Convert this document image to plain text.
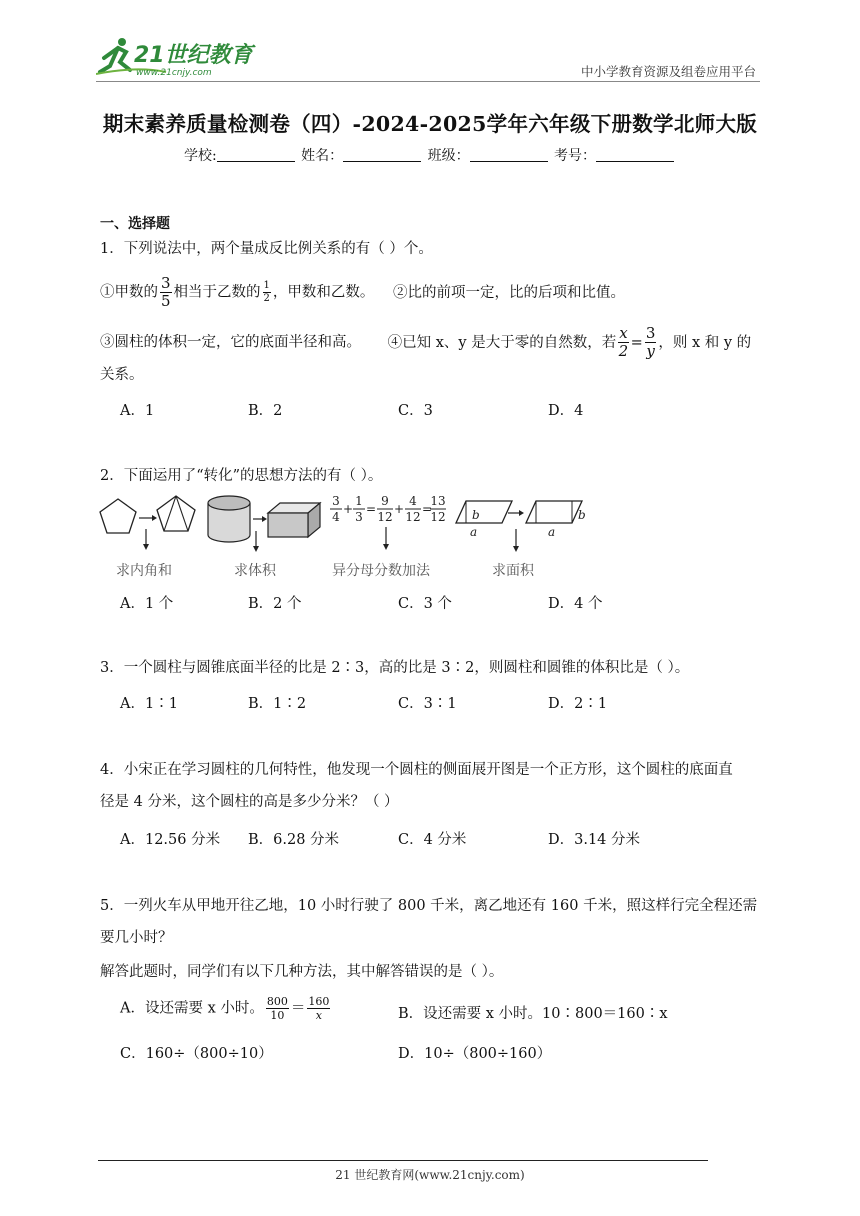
21世纪教育
www.21cnjy.com	中小学教育资源及组卷应用平台
期末素养质量检测卷（四）-2024-2025学年六年级下册数学北师大版
学校:	姓名：	班级：	考号：
一、选择题
1．下列说法中，两个量成反比例关系的有（ ）个。
①甲数的 $\frac{3}{5}$ 相当于乙数的 $\frac{1}{2}$ ，甲数和乙数。 ②比的前项一定，比的后项和比值。
③圆柱的体积一定，它的底面半径和高。 ④已知 x、y 是大于零的自然数，若 $\frac{x}{2} = \frac{3}{y}$ ，则 x 和 y 的
关系。
A．1	B．2	C．3	D．4
2．下面运用了“转化”的思想方法的有（ ）。
3
4
+
1
3
=
9
12
+
4
12
=
13
12 b
a
b
a
求内角和	求体积	异分母分数加法	求面积
A．1 个	B．2 个	C．3 个	D．4 个
3．一个圆柱与圆锥底面半径的比是 2∶3，高的比是 3∶2，则圆柱和圆锥的体积比是（ ）。
A．1∶1	B．1∶2	C．3∶1	D．2∶1
4．小宋正在学习圆柱的几何特性，他发现一个圆柱的侧面展开图是一个正方形，这个圆柱的底面直
径是 4 分米，这个圆柱的高是多少分米？（ ）
A．12.56 分米 B．6.28 分米	C．4 分米	D．3.14 分米
5．一列火车从甲地开往乙地，10 小时行驶了 800 千米，离乙地还有 160 千米，照这样行完全程还需
要几小时？
解答此题时，同学们有以下几种方法，其中解答错误的是（ ）。
A．设还需要 x 小时。 $\frac{800}{10} = \frac{160}{x}$	B．设还需要 x 小时。10∶800＝160∶x
C．160÷（800÷10）	D．10÷（800÷160）
21 世纪教育网(www.21cnjy.com)
